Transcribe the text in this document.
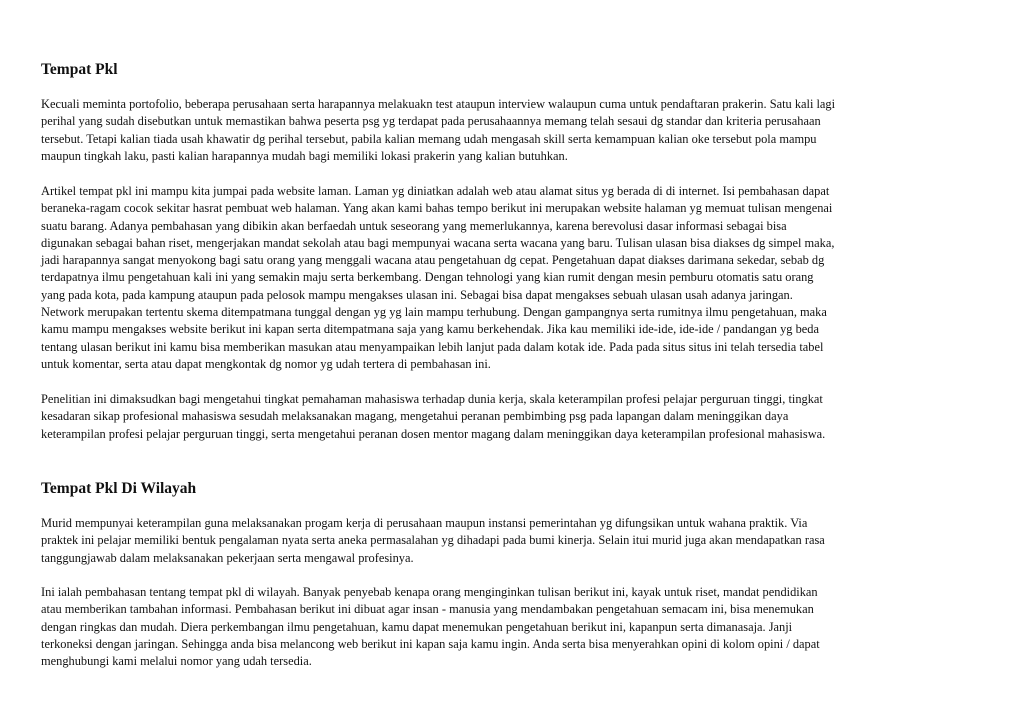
Tempat Pkl

Kecuali meminta portofolio, beberapa perusahaan serta harapannya melakuakn test ataupun interview walaupun cuma untuk pendaftaran prakerin. Satu kali lagi
perihal yang sudah disebutkan untuk memastikan bahwa peserta psg yg terdapat pada perusahaannya memang telah sesaui dg standar dan kriteria perusahaan
tersebut. Tetapi kalian tiada usah khawatir dg perihal tersebut, pabila kalian memang udah mengasah skill serta kemampuan kalian oke tersebut pola mampu
maupun tingkah laku, pasti kalian harapannya mudah bagi memiliki lokasi prakerin yang kalian butuhkan.

Artikel tempat pkl ini mampu kita jumpai pada website laman. Laman yg diniatkan adalah web atau alamat situs yg berada di di internet. Isi pembahasan dapat
beraneka-ragam cocok sekitar hasrat pembuat web halaman. Yang akan kami bahas tempo berikut ini merupakan website halaman yg memuat tulisan mengenai
suatu barang. Adanya pembahasan yang dibikin akan berfaedah untuk seseorang yang memerlukannya, karena berevolusi dasar informasi sebagai bisa
digunakan sebagai bahan riset, mengerjakan mandat sekolah atau bagi mempunyai wacana serta wacana yang baru. Tulisan ulasan bisa diakses dg simpel maka,
jadi harapannya sangat menyokong bagi satu orang yang menggali wacana atau pengetahuan dg cepat. Pengetahuan dapat diakses darimana sekedar, sebab dg
terdapatnya ilmu pengetahuan kali ini yang semakin maju serta berkembang. Dengan tehnologi yang kian rumit dengan mesin pemburu otomatis satu orang
yang pada kota, pada kampung ataupun pada pelosok mampu mengakses ulasan ini. Sebagai bisa dapat mengakses sebuah ulasan usah adanya jaringan.
Network merupakan tertentu skema ditempatmana tunggal dengan yg yg lain mampu terhubung. Dengan gampangnya serta rumitnya ilmu pengetahuan, maka
kamu mampu mengakses website berikut ini kapan serta ditempatmana saja yang kamu berkehendak. Jika kau memiliki ide-ide, ide-ide / pandangan yg beda
tentang ulasan berikut ini kamu bisa memberikan masukan atau menyampaikan lebih lanjut pada dalam kotak ide. Pada pada situs situs ini telah tersedia tabel
untuk komentar, serta atau dapat mengkontak dg nomor yg udah tertera di pembahasan ini.

Penelitian ini dimaksudkan bagi mengetahui tingkat pemahaman mahasiswa terhadap dunia kerja, skala keterampilan profesi pelajar perguruan tinggi, tingkat
kesadaran sikap profesional mahasiswa sesudah melaksanakan magang, mengetahui peranan pembimbing psg pada lapangan dalam meninggikan daya
keterampilan profesi pelajar perguruan tinggi, serta mengetahui peranan dosen mentor magang dalam meninggikan daya keterampilan profesional mahasiswa.

Tempat Pkl Di Wilayah

Murid mempunyai keterampilan guna melaksanakan progam kerja di perusahaan maupun instansi pemerintahan yg difungsikan untuk wahana praktik. Via
praktek ini pelajar memiliki bentuk pengalaman nyata serta aneka permasalahan yg dihadapi pada bumi kinerja. Selain itui murid juga akan mendapatkan rasa
tanggungjawab dalam melaksanakan pekerjaan serta mengawal profesinya.

Ini ialah pembahasan tentang tempat pkl di wilayah. Banyak penyebab kenapa orang menginginkan tulisan berikut ini, kayak untuk riset, mandat pendidikan
atau memberikan tambahan informasi. Pembahasan berikut ini dibuat agar insan - manusia yang mendambakan pengetahuan semacam ini, bisa menemukan
dengan ringkas dan mudah. Diera perkembangan ilmu pengetahuan, kamu dapat menemukan pengetahuan berikut ini, kapanpun serta dimanasaja. Janji
terkoneksi dengan jaringan. Sehingga anda bisa melancong web berikut ini kapan saja kamu ingin. Anda serta bisa menyerahkan opini di kolom opini / dapat
menghubungi kami melalui nomor yang udah tersedia.
